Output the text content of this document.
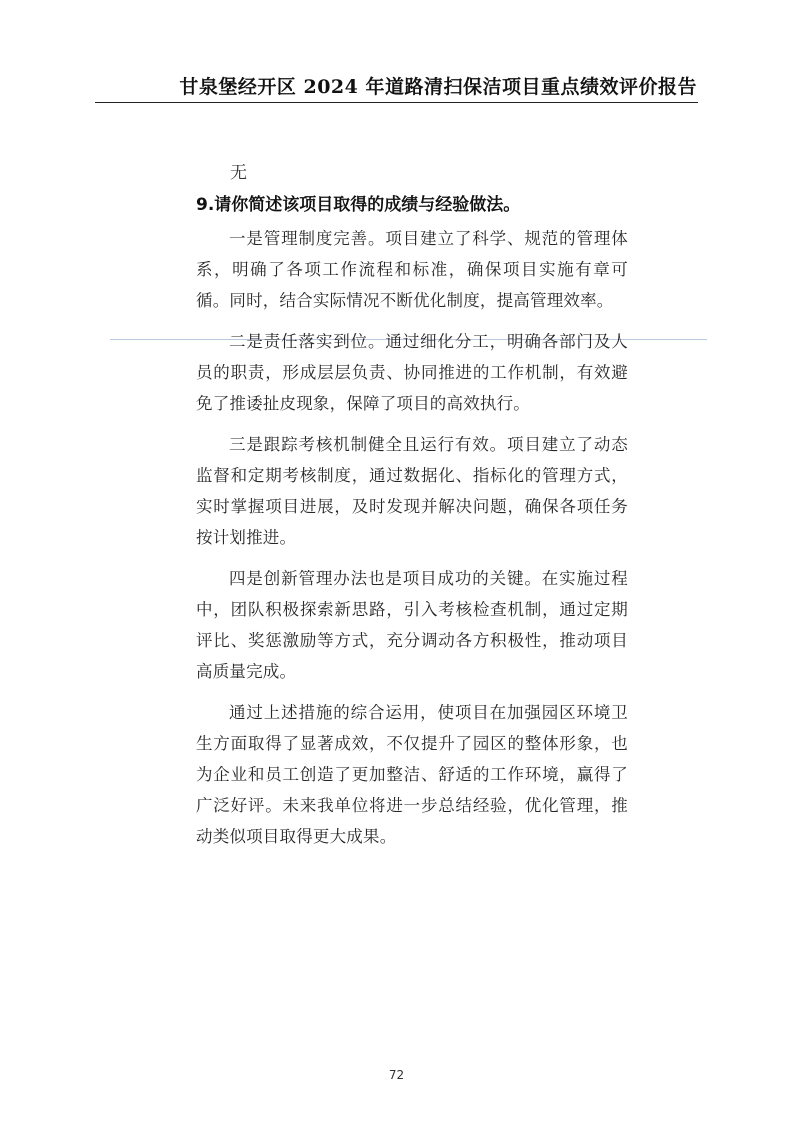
甘泉堡经开区 2024 年道路清扫保洁项目重点绩效评价报告

无

9.请你简述该项目取得的成绩与经验做法。

一是管理制度完善。项目建立了科学、规范的管理体系，明确了各项工作流程和标准，确保项目实施有章可循。同时，结合实际情况不断优化制度，提高管理效率。

二是责任落实到位。通过细化分工，明确各部门及人员的职责，形成层层负责、协同推进的工作机制，有效避免了推诿扯皮现象，保障了项目的高效执行。

三是跟踪考核机制健全且运行有效。项目建立了动态监督和定期考核制度，通过数据化、指标化的管理方式，实时掌握项目进展，及时发现并解决问题，确保各项任务按计划推进。

四是创新管理办法也是项目成功的关键。在实施过程中，团队积极探索新思路，引入考核检查机制，通过定期评比、奖惩激励等方式，充分调动各方积极性，推动项目高质量完成。

通过上述措施的综合运用，使项目在加强园区环境卫生方面取得了显著成效，不仅提升了园区的整体形象，也为企业和员工创造了更加整洁、舒适的工作环境，赢得了广泛好评。未来我单位将进一步总结经验，优化管理，推动类似项目取得更大成果。

72
